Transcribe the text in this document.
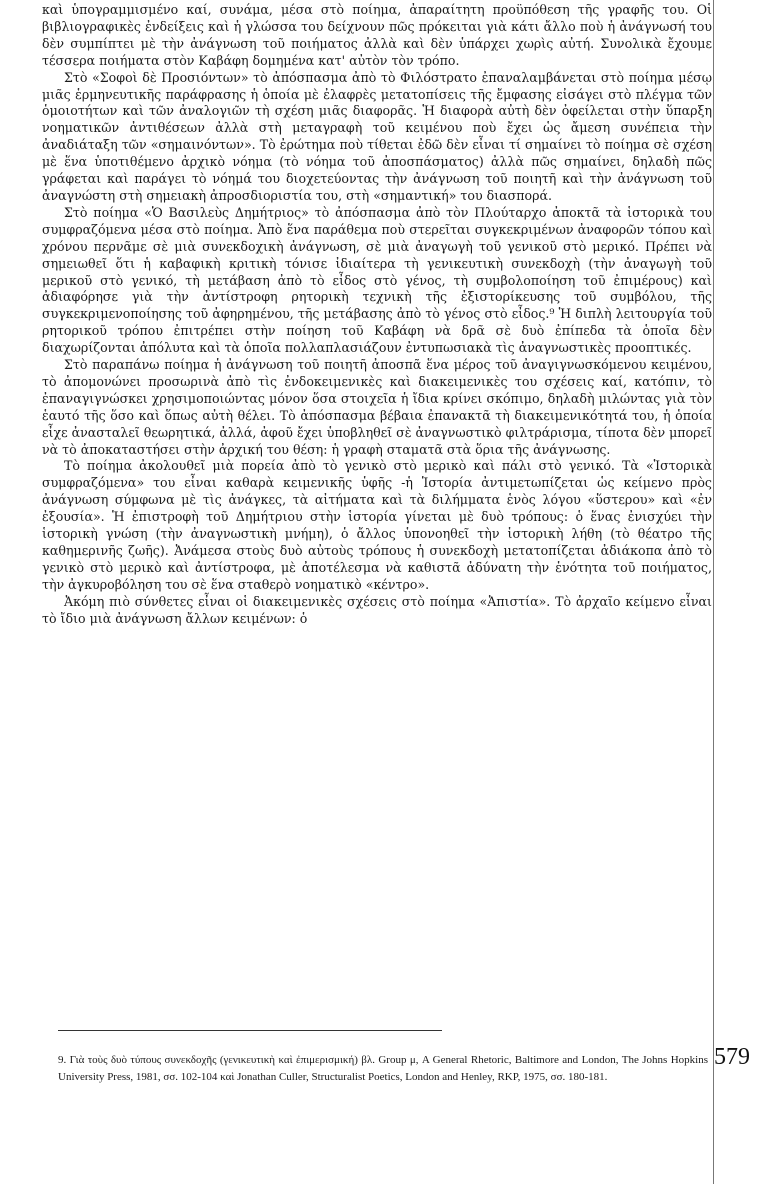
καὶ ὑπογραμμισμένο καί, συνάμα, μέσα στὸ ποίημα, ἀπαραίτητη προϋπόθεση τῆς γραφῆς του. Οἱ βιβλιογραφικὲς ἐνδείξεις καὶ ἡ γλώσσα του δείχνουν πῶς πρόκειται γιὰ κάτι ἄλλο ποὺ ἡ ἀνάγνωσή του δὲν συμπίπτει μὲ τὴν ἀνάγνωση τοῦ ποιήματος ἀλλὰ καὶ δὲν ὑπάρχει χωρὶς αὐτή. Συνολικὰ ἔχουμε τέσσερα ποιήματα στὸν Καβάφη δομημένα κατ' αὐτὸν τὸν τρόπο.

Στὸ «Σοφοὶ δὲ Προσιόντων» τὸ ἀπόσπασμα ἀπὸ τὸ Φιλόστρατο ἐπαναλαμβάνεται στὸ ποίημα μέσῳ μιᾶς ἑρμηνευτικῆς παράφρασης ἡ ὁποία μὲ ἐλαφρὲς μετατοπίσεις τῆς ἔμφασης εἰσάγει στὸ πλέγμα τῶν ὁμοιοτήτων καὶ τῶν ἀναλογιῶν τὴ σχέση μιᾶς διαφορᾶς. Ἡ διαφορὰ αὐτὴ δὲν ὀφείλεται στὴν ὕπαρξη νοηματικῶν ἀντιθέσεων ἀλλὰ στὴ μεταγραφὴ τοῦ κειμένου ποὺ ἔχει ὡς ἄμεση συνέπεια τὴν ἀναδιάταξη τῶν «σημαινόντων». Τὸ ἐρώτημα ποὺ τίθεται ἐδῶ δὲν εἶναι τί σημαίνει τὸ ποίημα σὲ σχέση μὲ ἕνα ὑποτιθέμενο ἀρχικὸ νόημα (τὸ νόημα τοῦ ἀποσπάσματος) ἀλλὰ πῶς σημαίνει, δηλαδὴ πῶς γράφεται καὶ παράγει τὸ νόημά του διοχετεύοντας τὴν ἀνάγνωση τοῦ ποιητῆ καὶ τὴν ἀνάγνωση τοῦ ἀναγνώστη στὴ σημειακὴ ἀπροσδιοριστία του, στὴ «σημαντική» του διασπορά.

Στὸ ποίημα «Ὁ Βασιλεὺς Δημήτριος» τὸ ἀπόσπασμα ἀπὸ τὸν Πλούταρχο ἀποκτᾶ τὰ ἱστορικὰ του συμφραζόμενα μέσα στὸ ποίημα. Ἀπὸ ἕνα παράθεμα ποὺ στερεῖται συγκεκριμένων ἀναφορῶν τόπου καὶ χρόνου περνᾶμε σὲ μιὰ συνεκδοχικὴ ἀνάγνωση, σὲ μιὰ ἀναγωγὴ τοῦ γενικοῦ στὸ μερικό. Πρέπει νὰ σημειωθεῖ ὅτι ἡ καβαφικὴ κριτικὴ τόνισε ἰδιαίτερα τὴ γενικευτικὴ συνεκδοχὴ (τὴν ἀναγωγὴ τοῦ μερικοῦ στὸ γενικό, τὴ μετάβαση ἀπὸ τὸ εἶδος στὸ γένος, τὴ συμβολοποίηση τοῦ ἐπιμέρους) καὶ ἀδιαφόρησε γιὰ τὴν ἀντίστροφη ρητορικὴ τεχνικὴ τῆς ἐξιστορίκευσης τοῦ συμβόλου, τῆς συγκεκριμενοποίησης τοῦ ἀφηρημένου, τῆς μετάβασης ἀπὸ τὸ γένος στὸ εἶδος.⁹ Ἡ διπλὴ λειτουργία τοῦ ρητορικοῦ τρόπου ἐπιτρέπει στὴν ποίηση τοῦ Καβάφη νὰ δρᾶ σὲ δυὸ ἐπίπεδα τὰ ὁποῖα δὲν διαχωρίζονται ἀπόλυτα καὶ τὰ ὁποῖα πολλαπλασιάζουν ἐντυπωσιακὰ τὶς ἀναγνωστικὲς προοπτικές.

Στὸ παραπάνω ποίημα ἡ ἀνάγνωση τοῦ ποιητῆ ἀποσπᾶ ἕνα μέρος τοῦ ἀναγιγνωσκόμενου κειμένου, τὸ ἀπομονώνει προσωρινὰ ἀπὸ τὶς ἐνδοκειμενικὲς καὶ διακειμενικὲς του σχέσεις καί, κατόπιν, τὸ ἐπαναγιγνώσκει χρησιμοποιώντας μόνον ὅσα στοιχεῖα ἡ ἴδια κρίνει σκόπιμο, δηλαδὴ μιλώντας γιὰ τὸν ἑαυτό τῆς ὅσο καὶ ὅπως αὐτὴ θέλει. Τὸ ἀπόσπασμα βέβαια ἐπανακτᾶ τὴ διακειμενικότητά του, ἡ ὁποία εἶχε ἀνασταλεῖ θεωρητικά, ἀλλά, ἀφοῦ ἔχει ὑποβληθεῖ σὲ ἀναγνωστικὸ φιλτράρισμα, τίποτα δὲν μπορεῖ νὰ τὸ ἀποκαταστήσει στὴν ἀρχική του θέση: ἡ γραφὴ σταματᾶ στὰ ὅρια τῆς ἀνάγνωσης.

Τὸ ποίημα ἀκολουθεῖ μιὰ πορεία ἀπὸ τὸ γενικὸ στὸ μερικὸ καὶ πάλι στὸ γενικό. Τὰ «Ἱστορικὰ συμφραζόμενα» του εἶναι καθαρὰ κειμενικῆς ὑφῆς -ἡ Ἱστορία ἀντιμετωπίζεται ὡς κείμενο πρὸς ἀνάγνωση σύμφωνα μὲ τὶς ἀνάγκες, τὰ αἰτήματα καὶ τὰ διλήμματα ἑνὸς λόγου «ὕστερου» καὶ «ἐν ἐξουσία». Ἡ ἐπιστροφὴ τοῦ Δημήτριου στὴν ἱστορία γίνεται μὲ δυὸ τρόπους: ὁ ἕνας ἐνισχύει τὴν ἱστορικὴ γνώση (τὴν ἀναγνωστικὴ μνήμη), ὁ ἄλλος ὑπονοηθεῖ τὴν ἱστορικὴ λήθη (τὸ θέατρο τῆς καθημερινῆς ζωῆς). Ἀνάμεσα στοὺς δυὸ αὐτοὺς τρόπους ἡ συνεκδοχὴ μετατοπίζεται ἀδιάκοπα ἀπὸ τὸ γενικὸ στὸ μερικὸ καὶ ἀντίστροφα, μὲ ἀποτέλεσμα νὰ καθιστᾶ ἀδύνατη τὴν ἑνότητα τοῦ ποιήματος, τὴν ἀγκυροβόληση του σὲ ἕνα σταθερὸ νοηματικὸ «κέντρο».

Ἀκόμη πιὸ σύνθετες εἶναι οἱ διακειμενικὲς σχέσεις στὸ ποίημα «Ἀπιστία». Τὸ ἀρχαῖο κείμενο εἶναι τὸ ἴδιο μιὰ ἀνάγνωση ἄλλων κειμένων: ὁ

579
9. Γιὰ τοὺς δυὸ τύπους συνεκδοχῆς (γενικευτικὴ καὶ ἐπιμερισμική) βλ. Group μ, A General Rhetoric, Baltimore and London, The Johns Hopkins University Press, 1981, σσ. 102-104 καὶ Jonathan Culler, Structuralist Poetics, London and Henley, RKP, 1975, σσ. 180-181.
